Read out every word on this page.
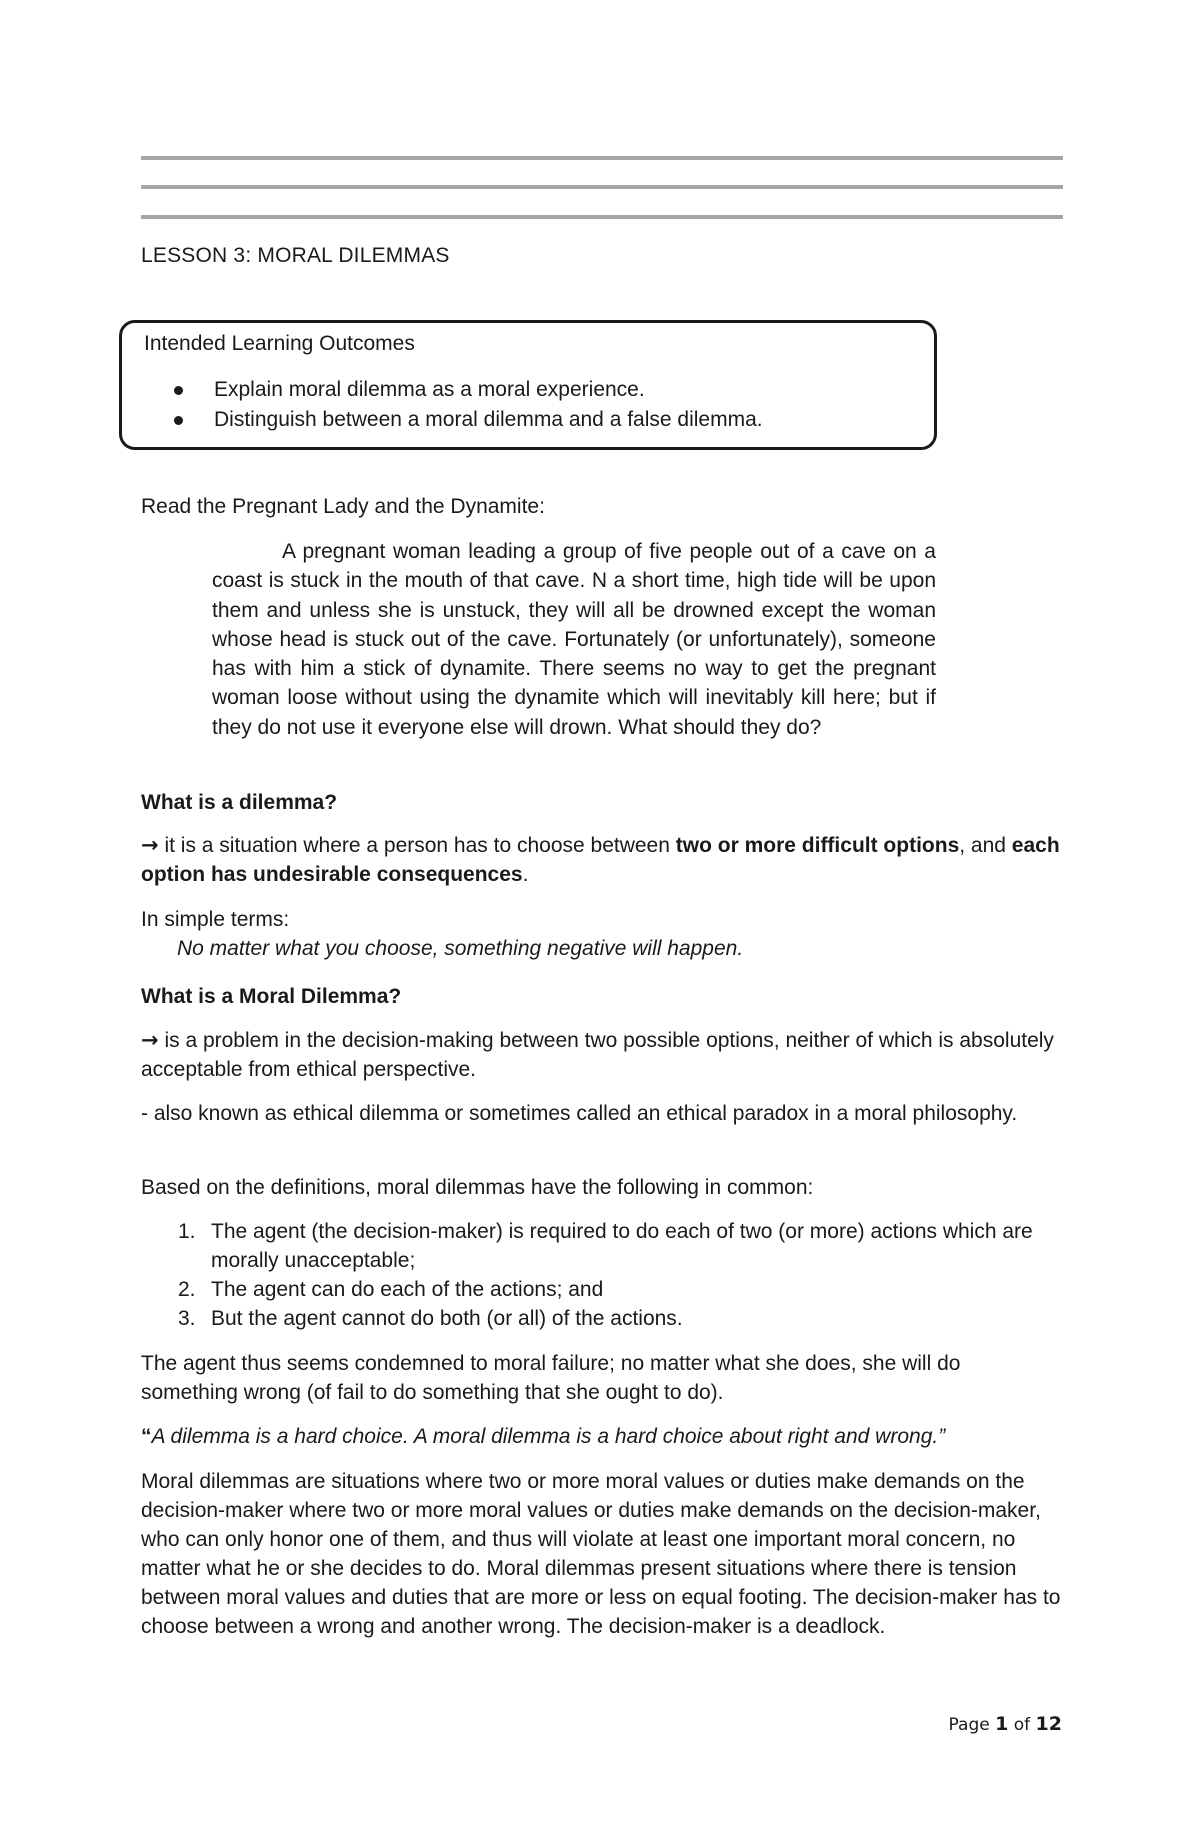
LESSON 3: MORAL DILEMMAS
Intended Learning Outcomes
Explain moral dilemma as a moral experience.
Distinguish between a moral dilemma and a false dilemma.
Read the Pregnant Lady and the Dynamite:
A pregnant woman leading a group of five people out of a cave on a coast is stuck in the mouth of that cave. N a short time, high tide will be upon them and unless she is unstuck, they will all be drowned except the woman whose head is stuck out of the cave. Fortunately (or unfortunately), someone has with him a stick of dynamite. There seems no way to get the pregnant woman loose without using the dynamite which will inevitably kill here; but if they do not use it everyone else will drown. What should they do?
What is a dilemma?
→ it is a situation where a person has to choose between two or more difficult options, and each option has undesirable consequences.
In simple terms:
No matter what you choose, something negative will happen.
What is a Moral Dilemma?
→ is a problem in the decision-making between two possible options, neither of which is absolutely acceptable from ethical perspective.
- also known as ethical dilemma or sometimes called an ethical paradox in a moral philosophy.
Based on the definitions, moral dilemmas have the following in common:
1. The agent (the decision-maker) is required to do each of two (or more) actions which are morally unacceptable;
2. The agent can do each of the actions; and
3. But the agent cannot do both (or all) of the actions.
The agent thus seems condemned to moral failure; no matter what she does, she will do something wrong (of fail to do something that she ought to do).
“A dilemma is a hard choice. A moral dilemma is a hard choice about right and wrong.”
Moral dilemmas are situations where two or more moral values or duties make demands on the decision-maker where two or more moral values or duties make demands on the decision-maker, who can only honor one of them, and thus will violate at least one important moral concern, no matter what he or she decides to do. Moral dilemmas present situations where there is tension between moral values and duties that are more or less on equal footing. The decision-maker has to choose between a wrong and another wrong. The decision-maker is a deadlock.
Page 1 of 12
